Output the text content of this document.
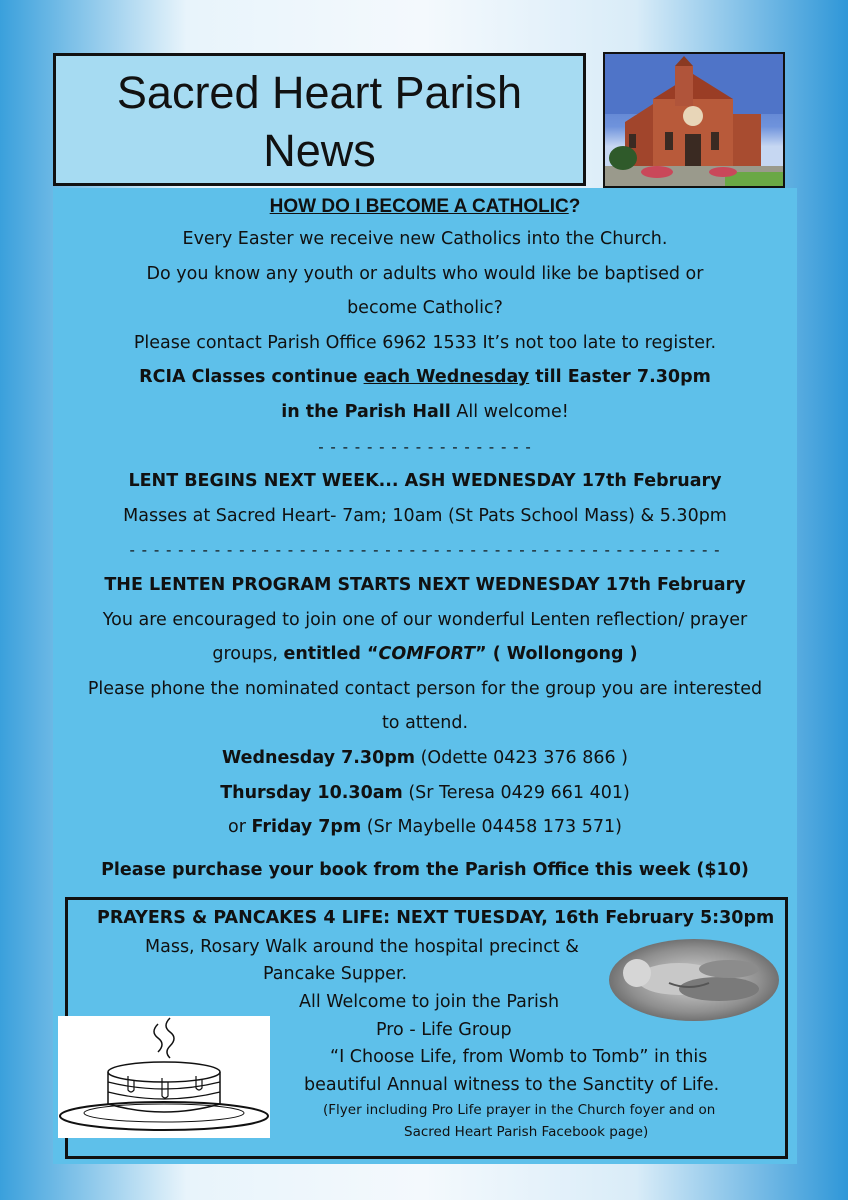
Sacred Heart Parish
News
HOW DO I BECOME A CATHOLIC?
Every Easter we receive new Catholics into the Church.
Do you know any youth or adults who would like be baptised or
become Catholic?
Please contact Parish Office 6962 1533 It’s not too late to register.
RCIA Classes continue each Wednesday till Easter 7.30pm
in the Parish Hall All welcome!
- - - - - - - - - - - - - - - - - -
LENT BEGINS NEXT WEEK... ASH WEDNESDAY 17th February
Masses at Sacred Heart- 7am; 10am (St Pats School Mass) & 5.30pm
- - - - - - - - - - - - - - - - - - - - - - - - - - - - - - - - - - - - - - - - - - - - - - - - -
THE LENTEN PROGRAM STARTS NEXT WEDNESDAY 17th February
You are encouraged to join one of our wonderful Lenten reflection/ prayer
groups, entitled “COMFORT” ( Wollongong )
Please phone the nominated contact person for the group you are interested
to attend.
Wednesday 7.30pm (Odette 0423 376 866 )
Thursday 10.30am (Sr Teresa 0429 661 401)
or Friday 7pm (Sr Maybelle 04458 173 571)
Please purchase your book from the Parish Office this week ($10)
PRAYERS & PANCAKES 4 LIFE: NEXT TUESDAY, 16th February 5:30pm
Mass, Rosary Walk around the hospital precinct &
Pancake Supper.
All Welcome to join the Parish
Pro - Life Group
“I Choose Life, from Womb to Tomb” in this
beautiful Annual witness to the Sanctity of Life.
(Flyer including Pro Life prayer in the Church foyer and on
Sacred Heart Parish Facebook page)
